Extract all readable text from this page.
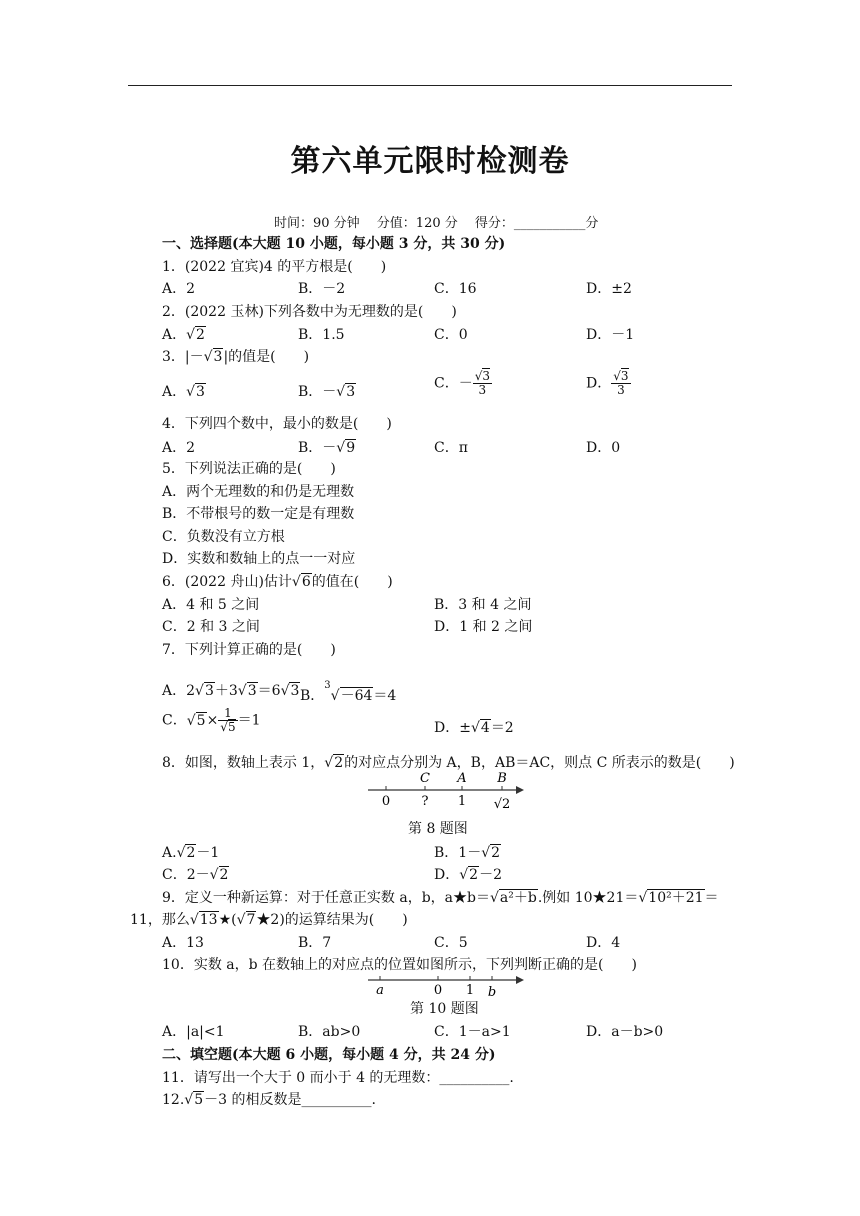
第六单元限时检测卷
时间：90 分钟　 分值：120 分　 得分：___________分
一、选择题(本大题 10 小题，每小题 3 分，共 30 分)
1．(2022 宜宾)4 的平方根是(　　)
A．2	B．－2	C．16	D．±2
2．(2022 玉林)下列各数中为无理数的是(　　)
A．√2	B．1.5	C．0	D．－1
3．|－√3|的值是(　　)
A．√3	B．－√3
C．－ $\frac{√3}{3}$	D． $\frac{√3}{3}$
4．下列四个数中，最小的数是(　　)
A．2	B．－√9	C．π	D．0
5．下列说法正确的是(　　)
A．两个无理数的和仍是无理数
B．不带根号的数一定是有理数
C．负数没有立方根
D．实数和数轴上的点一一对应
6．(2022 舟山)估计√6的值在(　　)
A．4 和 5 之间	B．3 和 4 之间
C．2 和 3 之间	D．1 和 2 之间
7．下列计算正确的是(　　)
A．2√3＋3√3＝6√3 B．$^3$√－64＝4
C．$√5\times \frac{1}{√5} =1$	D．±√4＝2
8．如图，数轴上表示 1，√2的对应点分别为 A，B，AB＝AC，则点 C 所表示的数是(　　)
C A B
0 ? 1 √2
第 8 题图
A.√2－1	B．1－√2
C．2－√2	D．√2－2
9．定义一种新运算：对于任意正实数 a，b，a★b＝√a²＋b.例如 10★21＝√10²＋21＝
11，那么√13★(√7★2)的运算结果为(　　)
A．13	B．7	C．5	D．4
10．实数 a，b 在数轴上的对应点的位置如图所示，下列判断正确的是(　　)
a	0 1 b
第 10 题图
A．|a|<1	B．ab>0	C．1－a>1	D．a－b>0
二、填空题(本大题 6 小题，每小题 4 分，共 24 分)
11．请写出一个大于 0 而小于 4 的无理数：__________.
12.√5－3 的相反数是__________.
